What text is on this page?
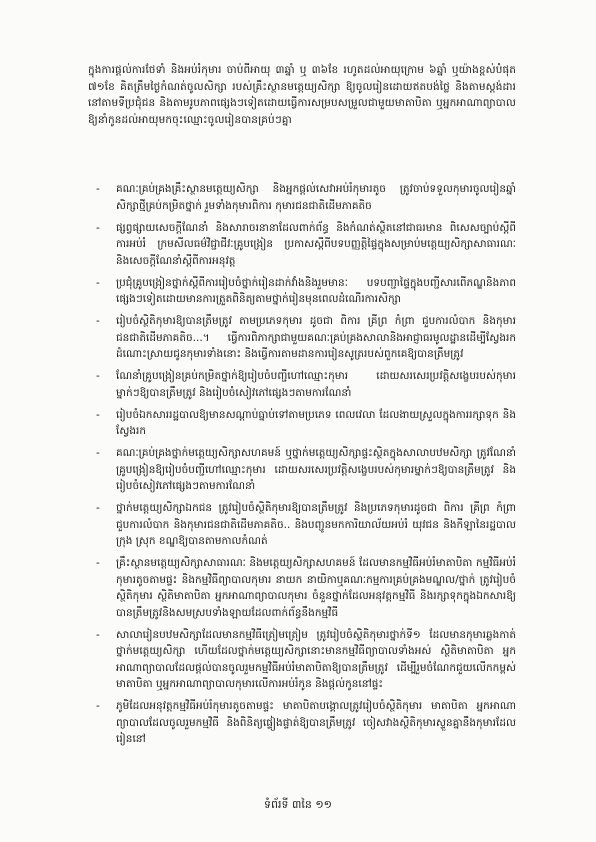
ក្នុងការផ្ដល់ការថែទាំ និងអប់រំកុមារ ចាប់ពីអាយុ ៣ឆ្នាំ ឬ ៣៦ខែ រហូតដល់អាយុក្រោម ៦ឆ្នាំ ឬយ៉ាងខ្ពស់បំផុត ៧១ខែ គិតត្រឹមថ្ងៃកំណត់ចូលសិក្សា របស់គ្រឹះស្ថានមត្តេយ្យសិក្សា ឱ្យចូលរៀនដោយឥតបង់ថ្លៃ និងតាមស្តង់ដារនៅតាមទីប្រជុំជន និងតាមរូបភាពផ្សេងៗទៀតដោយធ្វើការសម្របសម្រួលជាមួយមាតាបិតា ឬអ្នកអាណាព្យាបាល ឱ្យនាំកូនដល់អាយុមកចុះឈ្មោះចូលរៀនបានគ្រប់ៗគ្នា
-	គណៈគ្រប់គ្រងគ្រឹះស្ថានមត្តេយ្យសិក្សា និងអ្នកផ្ដល់សេវាអប់រំកុមារតូច ត្រូវចាប់ទទួលកុមារចូលរៀនឆ្នាំសិក្សាថ្មីគ្រប់កម្រិតថ្នាក់ រួមទាំងកុមារពិការ កុមារជនជាតិដើមភាគតិច
-	ផ្សព្វផ្សាយសេចក្ដីណែនាំ និងសារាចរនានាដែលពាក់ព័ន្ធ និងកំណត់ស្ថិតនៅជាធរមាន ពិសេសច្បាប់ស្ដីពីការអប់រំ ក្រមសីលធម៌វិជ្ជាជីវៈគ្រូបង្រៀន ប្រកាសស្ដីពីបទបញ្ញត្តិផ្ទៃក្នុងសម្រាប់មត្តេយ្យសិក្សាសាធារណៈ និងសេចក្ដីណែនាំស្ដីពីការអនុវត្ត
-	ប្រជុំគ្រូបង្រៀនថ្នាក់ស្ដីពីការរៀបចំថ្នាក់រៀនដាក់វាំងនិងរួមមានៈ បទបញ្ជាផ្ទៃក្នុងបញ្ជីសារពើភណ្ឌនិងភាពផ្សេងៗទៀតដោយមានការត្រួតពិនិត្យតាមថ្នាក់រៀនមុនពេលដំណើរការសិក្សា
-	រៀបចំស្ថិតិកុមារឱ្យបានត្រឹមត្រូវ តាមប្រភេទកុមារ ដូចជា ពិការ គ្រីព្រ កំព្រា ជួបការលំបាក និងកុមារជនជាតិដើមភាគតិច...។ ធ្វើការពិភាក្សាជាមួយគណៈគ្រប់គ្រងសាលានិងអាជ្ញាធរមូលដ្ឋានដើម្បីស្វែងរកដំណោះស្រាយជូនកុមារទាំងនោះ និងធ្វើការតាមដានការរៀនសូត្ររបស់ពួកគេឱ្យបានត្រឹមត្រូវ
-	ណែនាំគ្រូបង្រៀនគ្រប់កម្រិតថ្នាក់ឱ្យរៀបចំបញ្ជីហៅឈ្មោះកុមារ ដោយសរសេរប្រវត្តិសង្ខេបរបស់កុមារម្នាក់ៗឱ្យបានត្រឹមត្រូវ និងរៀបចំសៀវភៅផ្សេងៗតាមការណែនាំ
-	រៀបចំឯកសាររដ្ឋបាលឱ្យមានសណ្ដាប់ធ្នាប់ទៅតាមប្រភេទ ពេលវេលា ដែលងាយស្រួលក្នុងការរក្សាទុក និងស្វែងរក
-	គណៈគ្រប់គ្រងថ្នាក់មត្តេយ្យសិក្សាសហគមន៍ ឬថ្នាក់មត្តេយ្យសិក្សាផ្ទះស្ថិតក្នុងសាលាបឋមសិក្សា ត្រូវណែនាំគ្រូបង្រៀនឱ្យរៀបចំបញ្ជីហៅឈ្មោះកុមារ ដោយសរសេរប្រវត្តិសង្ខេបរបស់កុមារម្នាក់ៗឱ្យបានត្រឹមត្រូវ និងរៀបចំសៀវភៅផ្សេងៗតាមការណែនាំ
-	ថ្នាក់មត្តេយ្យសិក្សាឯកជន ត្រូវរៀបចំស្ថិតិកុមារឱ្យបានត្រឹមត្រូវ និងប្រភេទកុមារដូចជា ពិការ គ្រីព្រ កំព្រា ជួបការលំបាក និងកុមារជនជាតិដើមភាគតិច.. និងបញ្ជូនមកការិយាល័យអប់រំ យុវជន និងកីឡានៃរដ្ឋបាលក្រុង ស្រុក ខណ្ឌឱ្យបានតាមកាលកំណត់
-	គ្រឹះស្ថានមត្តេយ្យសិក្សាសាធារណៈ និងមត្តេយ្យសិក្សាសហគមន៍ ដែលមានកម្មវិធីអប់រំមាតាបិតា កម្មវិធីអប់រំកុមារតូចតាមផ្ទះ និងកម្មវិធីព្យាបាលកុមារ នាយក នាយិកាឬគណៈកម្មការគ្រប់គ្រងមណ្ឌល/ថ្នាក់ ត្រូវរៀបចំស្ថិតិកុមារ ស្ថិតិមាតាបិតា អ្នកអាណាព្យាបាលកុមារ ចំនួនថ្នាក់ដែលអនុវត្តកម្មវិធី និងរក្សាទុកក្នុងឯកសារឱ្យបានត្រឹមត្រូវនិងសមស្របទាំងឡាយដែលពាក់ព័ន្ធនឹងកម្មវិធី
-	សាលារៀនបឋមសិក្សាដែលមានកម្មវិធីត្រៀមត្រៀម ត្រូវរៀបចំស្ថិតិកុមារថ្នាក់ទី១ ដែលមានកុមារឆ្លងកាត់ថ្នាក់មត្តេយ្យសិក្សា ហើយដែលថ្នាក់មត្តេយ្យសិក្សានោះមានកម្មវិធីព្យាបាលទាំងអស់ ស្ថិតិមាតាបិតា អ្នកអាណាព្យាបាលដែលផ្ដល់បានចូលរួមកម្មវិធីអប់រំមាតាបិតាឱ្យបានត្រឹមត្រូវ ដើម្បីរួមចំណែកជួយលើកកម្ពស់មាតាបិតា ឬអ្នកអាណាព្យាបាលកុមារលើការអប់រំកូន និងផ្ដល់កូននៅផ្ទះ
-	ភូមិដែលអនុវត្តកម្មវិធីអប់រំកុមារតូចតាមផ្ទះ មាតាបិតាបង្គោលត្រូវរៀបចំស្ថិតិកុមារ មាតាបិតា អ្នកអាណាព្យាបាលដែលចូលរួមកម្មវិធី និងពិនិត្យផ្ទៀងផ្ទាត់ឱ្យបានត្រឹមត្រូវ ចៀសវាងស្ថិតិកុមារស្ទួនគ្នានឹងកុមារដែលរៀននៅ
ទំព័រទី ៣នៃ ១១
